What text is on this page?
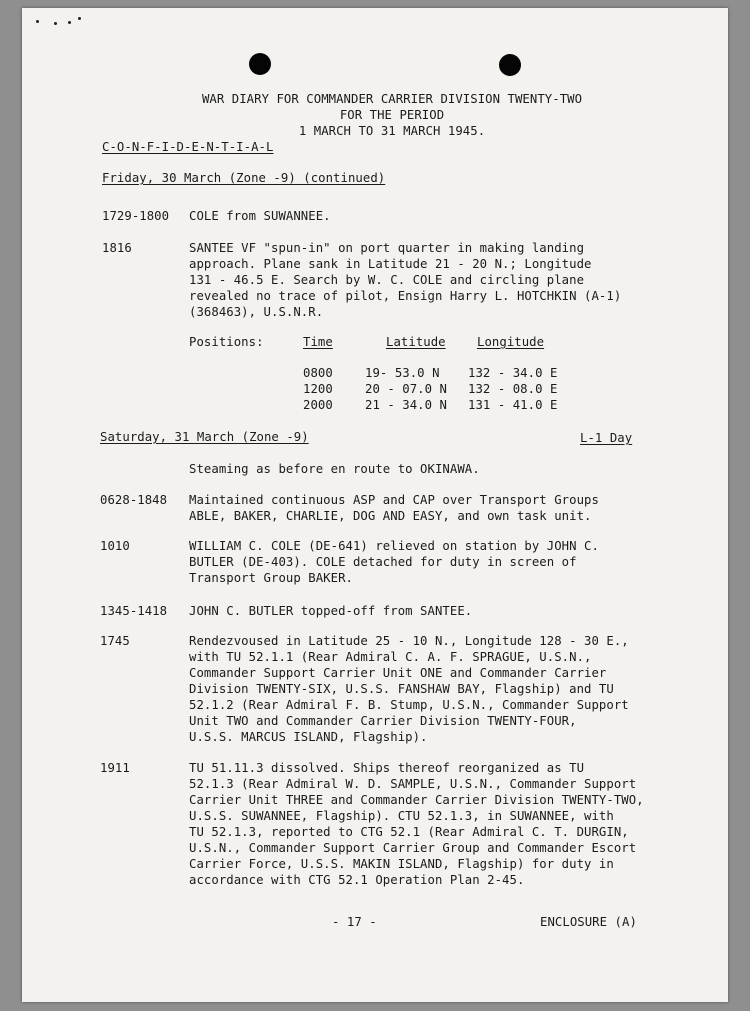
WAR DIARY FOR COMMANDER CARRIER DIVISION TWENTY-TWO
FOR THE PERIOD
1 MARCH TO 31 MARCH 1945.
C-O-N-F-I-D-E-N-T-I-A-L
Friday, 30 March (Zone -9) (continued)
1729-1800 COLE from SUWANNEE.
1816	SANTEE VF "spun-in" on port quarter in making landing
approach. Plane sank in Latitude 21 - 20 N.; Longitude
131 - 46.5 E. Search by W. C. COLE and circling plane
revealed no trace of pilot, Ensign Harry L. HOTCHKIN (A-1)
(368463), U.S.N.R.
Positions:	Time	Latitude	Longitude
0800	19- 53.0 N 132 - 34.0 E
1200	20 - 07.0 N 132 - 08.0 E
2000	21 - 34.0 N 131 - 41.0 E
Saturday, 31 March (Zone -9)	L-1 Day
Steaming as before en route to OKINAWA.
0628-1848 Maintained continuous ASP and CAP over Transport Groups
ABLE, BAKER, CHARLIE, DOG AND EASY, and own task unit.
1010	WILLIAM C. COLE (DE-641) relieved on station by JOHN C.
BUTLER (DE-403). COLE detached for duty in screen of
Transport Group BAKER.
1345-1418 JOHN C. BUTLER topped-off from SANTEE.
1745	Rendezvoused in Latitude 25 - 10 N., Longitude 128 - 30 E.,
with TU 52.1.1 (Rear Admiral C. A. F. SPRAGUE, U.S.N.,
Commander Support Carrier Unit ONE and Commander Carrier
Division TWENTY-SIX, U.S.S. FANSHAW BAY, Flagship) and TU
52.1.2 (Rear Admiral F. B. Stump, U.S.N., Commander Support
Unit TWO and Commander Carrier Division TWENTY-FOUR,
U.S.S. MARCUS ISLAND, Flagship).
1911	TU 51.11.3 dissolved. Ships thereof reorganized as TU
52.1.3 (Rear Admiral W. D. SAMPLE, U.S.N., Commander Support
Carrier Unit THREE and Commander Carrier Division TWENTY-TWO,
U.S.S. SUWANNEE, Flagship). CTU 52.1.3, in SUWANNEE, with
TU 52.1.3, reported to CTG 52.1 (Rear Admiral C. T. DURGIN,
U.S.N., Commander Support Carrier Group and Commander Escort
Carrier Force, U.S.S. MAKIN ISLAND, Flagship) for duty in
accordance with CTG 52.1 Operation Plan 2-45.
- 17 -	ENCLOSURE (A)
